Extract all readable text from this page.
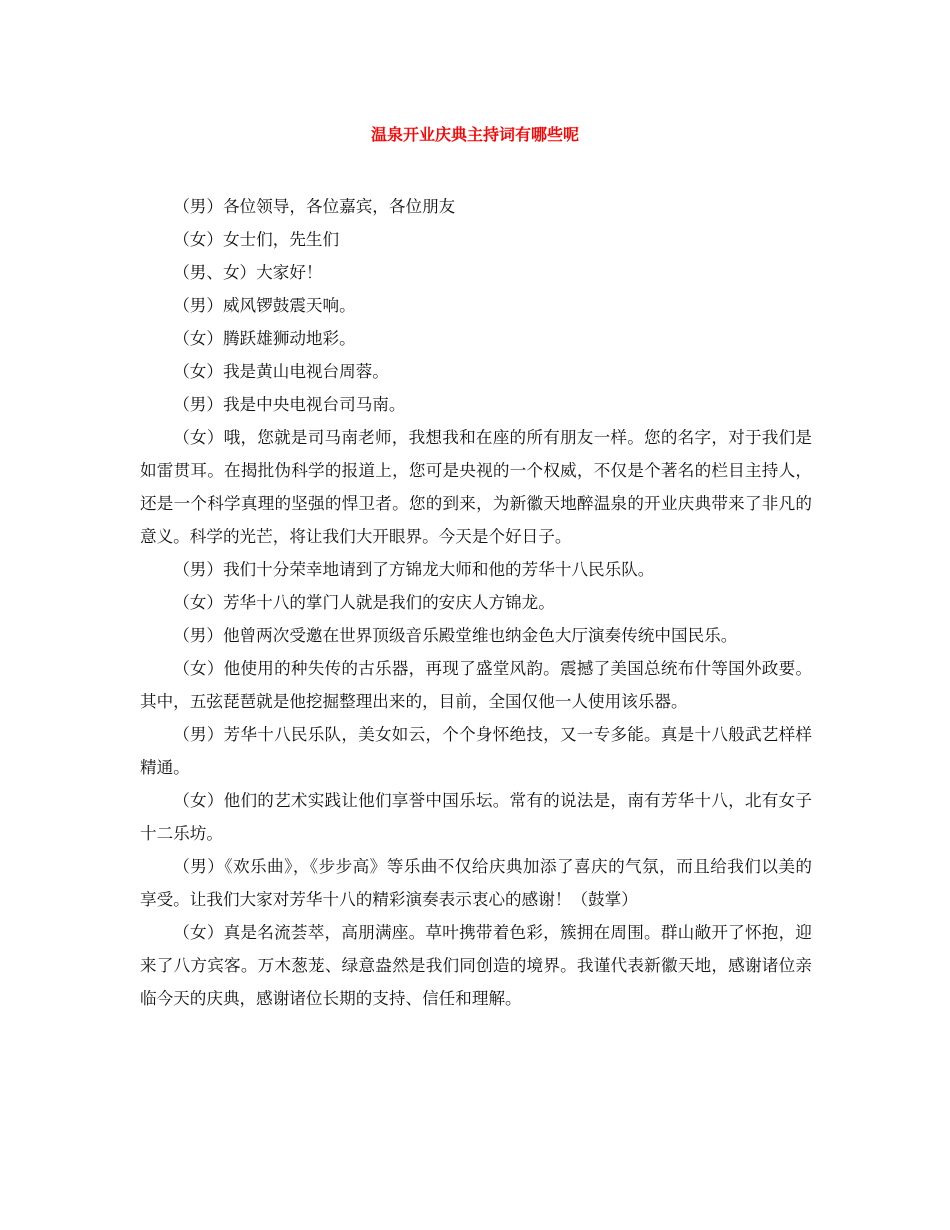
温泉开业庆典主持词有哪些呢

（男）各位领导，各位嘉宾，各位朋友

（女）女士们，先生们

（男、女）大家好！

（男）威风锣鼓震天响。

（女）腾跃雄狮动地彩。

（女）我是黄山电视台周蓉。

（男）我是中央电视台司马南。

（女）哦，您就是司马南老师，我想我和在座的所有朋友一样。您的名字，对于我们是如雷贯耳。在揭批伪科学的报道上，您可是央视的一个权威，不仅是个著名的栏目主持人，还是一个科学真理的坚强的悍卫者。您的到来，为新徽天地醉温泉的开业庆典带来了非凡的意义。科学的光芒，将让我们大开眼界。今天是个好日子。

（男）我们十分荣幸地请到了方锦龙大师和他的芳华十八民乐队。

（女）芳华十八的掌门人就是我们的安庆人方锦龙。

（男）他曾两次受邀在世界顶级音乐殿堂维也纳金色大厅演奏传统中国民乐。

（女）他使用的种失传的古乐器，再现了盛堂风韵。震撼了美国总统布什等国外政要。其中，五弦琵琶就是他挖掘整理出来的，目前，全国仅他一人使用该乐器。

（男）芳华十八民乐队，美女如云，个个身怀绝技，又一专多能。真是十八般武艺样样精通。

（女）他们的艺术实践让他们享誉中国乐坛。常有的说法是，南有芳华十八，北有女子十二乐坊。

（男）《欢乐曲》，《步步高》等乐曲不仅给庆典加添了喜庆的气氛，而且给我们以美的享受。让我们大家对芳华十八的精彩演奏表示衷心的感谢！（鼓掌）

（女）真是名流荟萃，高朋满座。草叶携带着色彩，簇拥在周围。群山敞开了怀抱，迎来了八方宾客。万木葱茏、绿意盎然是我们同创造的境界。我谨代表新徽天地，感谢诸位亲临今天的庆典，感谢诸位长期的支持、信任和理解。
